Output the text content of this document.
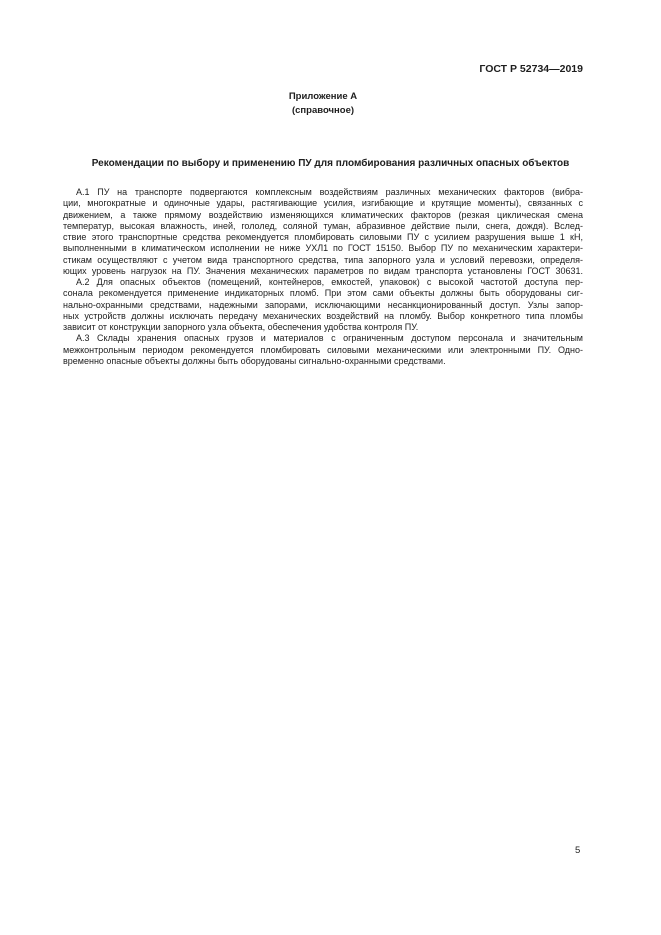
ГОСТ Р 52734—2019
Приложение А
(справочное)
Рекомендации по выбору и применению ПУ для пломбирования различных опасных объектов
А.1 ПУ на транспорте подвергаются комплексным воздействиям различных механических факторов (вибра-
ции, многократные и одиночные удары, растягивающие усилия, изгибающие и крутящие моменты), связанных с
движением, а также прямому воздействию изменяющихся климатических факторов (резкая циклическая смена
температур, высокая влажность, иней, гололед, соляной туман, абразивное действие пыли, снега, дождя). Вслед-
ствие этого транспортные средства рекомендуется пломбировать силовыми ПУ с усилием разрушения выше 1 кН,
выполненными в климатическом исполнении не ниже УХЛ1 по ГОСТ 15150. Выбор ПУ по механическим характери-
стикам осуществляют с учетом вида транспортного средства, типа запорного узла и условий перевозки, определя-
ющих уровень нагрузок на ПУ. Значения механических параметров по видам транспорта установлены ГОСТ 30631.
А.2 Для опасных объектов (помещений, контейнеров, емкостей, упаковок) с высокой частотой доступа пер-
сонала рекомендуется применение индикаторных пломб. При этом сами объекты должны быть оборудованы сиг-
нально-охранными средствами, надежными запорами, исключающими несанкционированный доступ. Узлы запор-
ных устройств должны исключать передачу механических воздействий на пломбу. Выбор конкретного типа пломбы
зависит от конструкции запорного узла объекта, обеспечения удобства контроля ПУ.
А.3 Склады хранения опасных грузов и материалов с ограниченным доступом персонала и значительным
межконтрольным периодом рекомендуется пломбировать силовыми механическими или электронными ПУ. Одно-
временно опасные объекты должны быть оборудованы сигнально-охранными средствами.
5
